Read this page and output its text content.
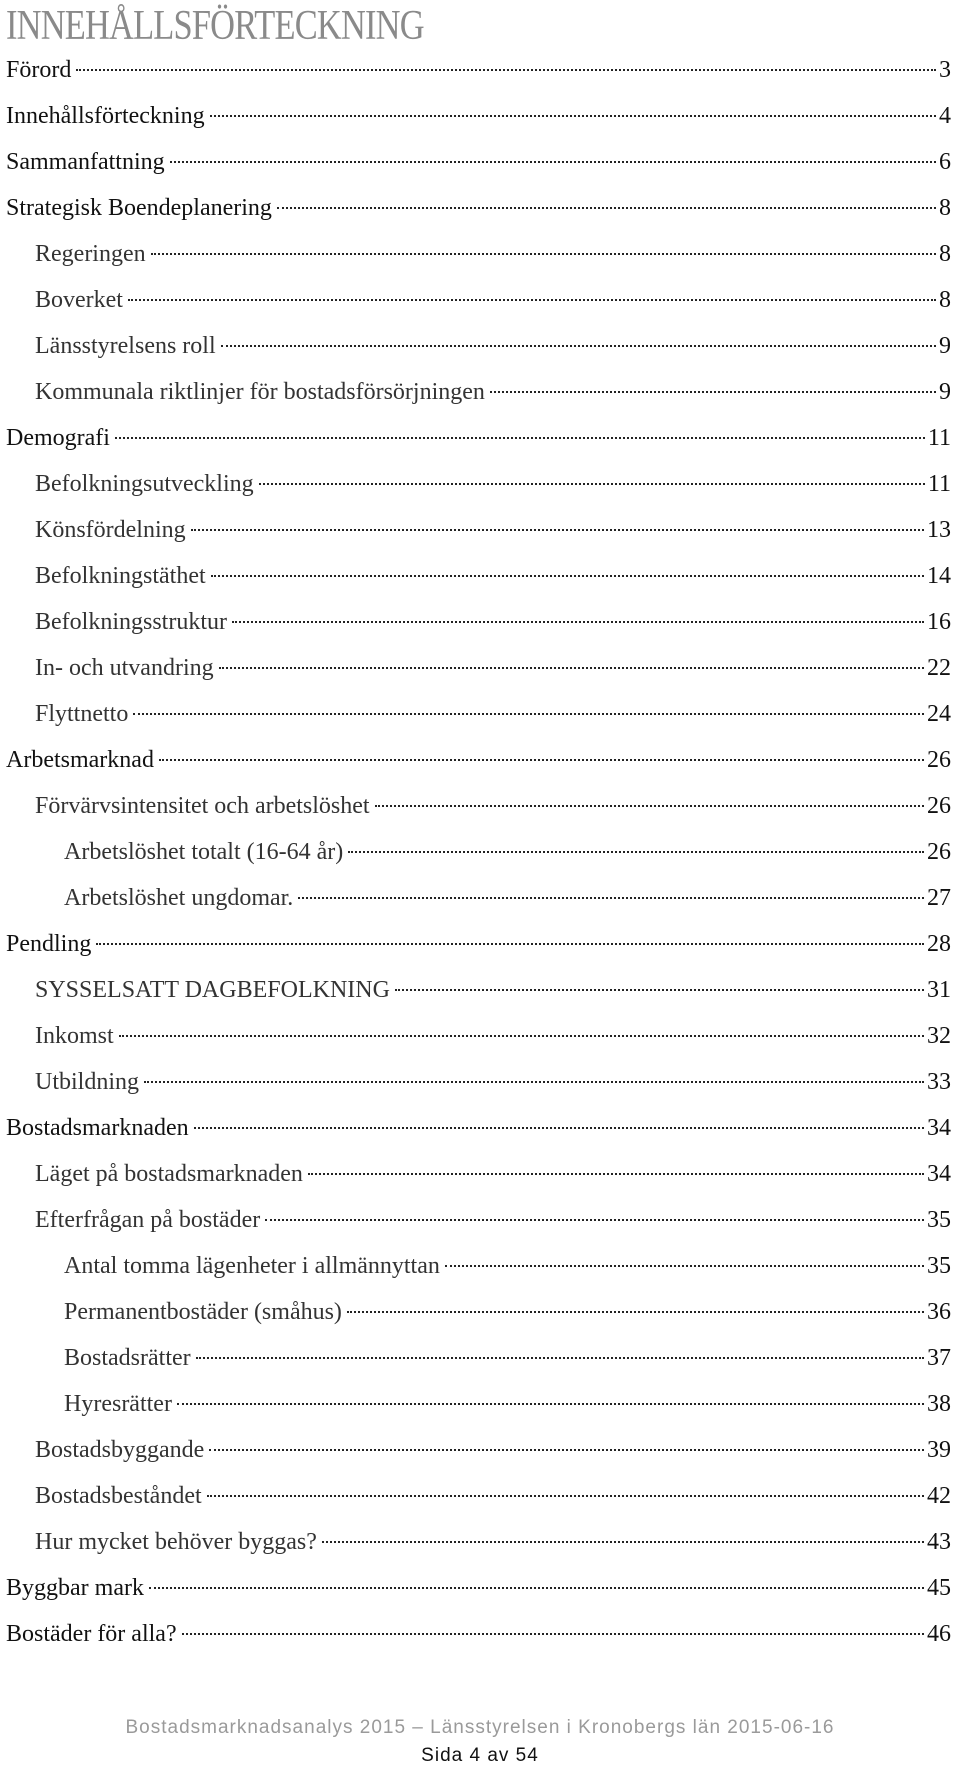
INNEHÅLLSFÖRTECKNING
Förord	3
Innehållsförteckning	4
Sammanfattning	6
Strategisk Boendeplanering	8
Regeringen	8
Boverket	8
Länsstyrelsens roll	9
Kommunala riktlinjer för bostadsförsörjningen	9
Demografi	11
Befolkningsutveckling	11
Könsfördelning	13
Befolkningstäthet	14
Befolkningsstruktur	16
In- och utvandring	22
Flyttnetto	24
Arbetsmarknad	26
Förvärvsintensitet och arbetslöshet	26
Arbetslöshet totalt (16-64 år)	26
Arbetslöshet ungdomar.	27
Pendling	28
SYSSELSATT DAGBEFOLKNING	31
Inkomst	32
Utbildning	33
Bostadsmarknaden	34
Läget på bostadsmarknaden	34
Efterfrågan på bostäder	35
Antal tomma lägenheter i allmännyttan	35
Permanentbostäder (småhus)	36
Bostadsrätter	37
Hyresrätter	38
Bostadsbyggande	39
Bostadsbeståndet	42
Hur mycket behöver byggas?	43
Byggbar mark	45
Bostäder för alla?	46
Bostadsmarknadsanalys 2015 – Länsstyrelsen i Kronobergs län 2015-06-16
Sida 4 av 54
